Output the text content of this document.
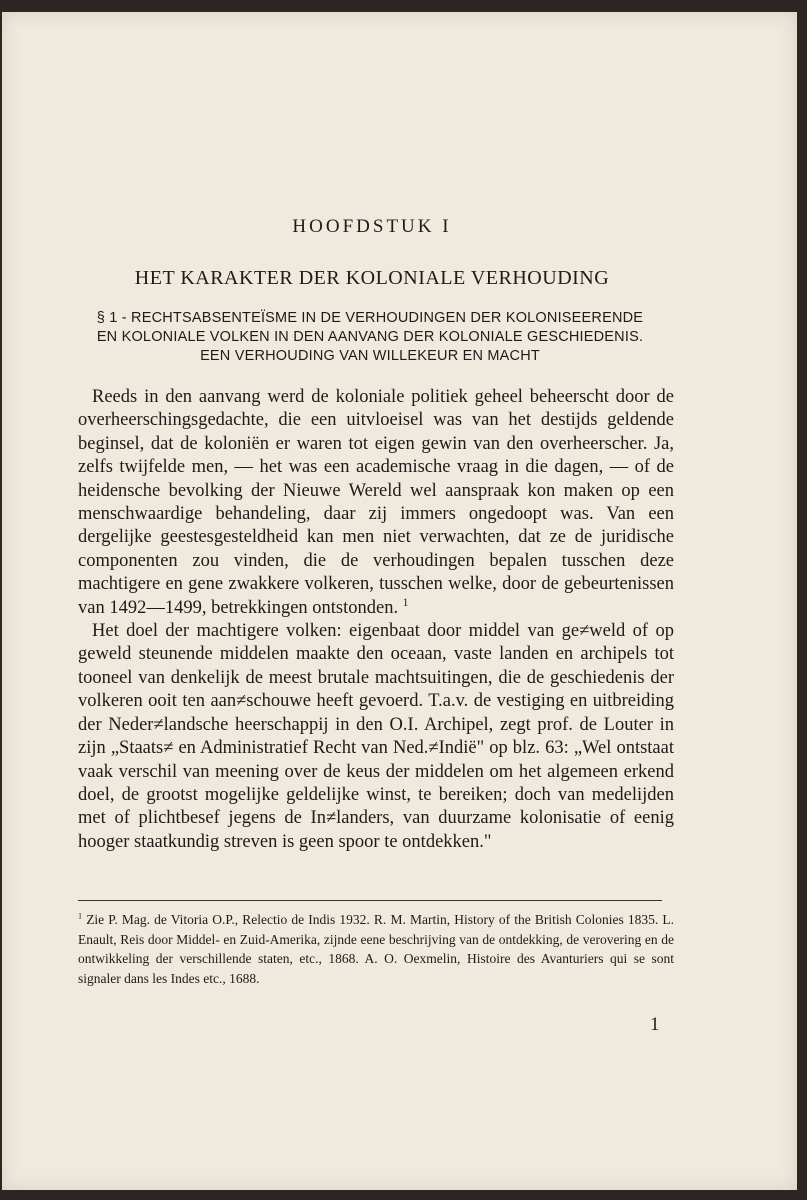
HOOFDSTUK I
HET KARAKTER DER KOLONIALE VERHOUDING
§ 1 - RECHTSABSENTEÏSME IN DE VERHOUDINGEN DER KOLONISEERENDE EN KOLONIALE VOLKEN IN DEN AANVANG DER KOLONIALE GESCHIEDENIS. EEN VERHOUDING VAN WILLEKEUR EN MACHT

Reeds in den aanvang werd de koloniale politiek geheel beheerscht door de overheerschingsgedachte, die een uitvloeisel was van het destijds geldende beginsel, dat de koloniën er waren tot eigen gewin van den overheerscher. Ja, zelfs twijfelde men, — het was een academische vraag in die dagen, — of de heidensche bevolking der Nieuwe Wereld wel aanspraak kon maken op een menschwaardige behandeling, daar zij immers ongedoopt was. Van een dergelijke geestesgesteldheid kan men niet verwachten, dat ze de juridische componenten zou vinden, die de verhoudingen bepalen tusschen deze machtigere en gene zwakkere volkeren, tusschen welke, door de gebeurtenissen van 1492—1499, betrekkingen ontstonden. $^1$

Het doel der machtigere volken: eigenbaat door middel van ge≠weld of op geweld steunende middelen maakte den oceaan, vaste landen en archipels tot tooneel van denkelijk de meest brutale machtsuitingen, die de geschiedenis der volkeren ooit ten aan≠schouwe heeft gevoerd. T.a.v. de vestiging en uitbreiding der Neder≠landsche heerschappij in den O.I. Archipel, zegt prof. de Louter in zijn „Staats≠ en Administratief Recht van Ned.≠Indië" op blz. 63: „Wel ontstaat vaak verschil van meening over de keus der middelen om het algemeen erkend doel, de grootst mogelijke geldelijke winst, te bereiken; doch van medelijden met of plichtbesef jegens de In≠landers, van duurzame kolonisatie of eenig hooger staatkundig streven is geen spoor te ontdekken."

$^1$ Zie P. Mag. de Vitoria O.P., Relectio de Indis 1932. R. M. Martin, History of the British Colonies 1835. L. Enault, Reis door Middel- en Zuid-Amerika, zijnde eene beschrijving van de ontdekking, de verovering en de ontwikkeling der verschillende staten, etc., 1868. A. O. Oexmelin, Histoire des Avanturiers qui se sont signaler dans les Indes etc., 1688.
1
